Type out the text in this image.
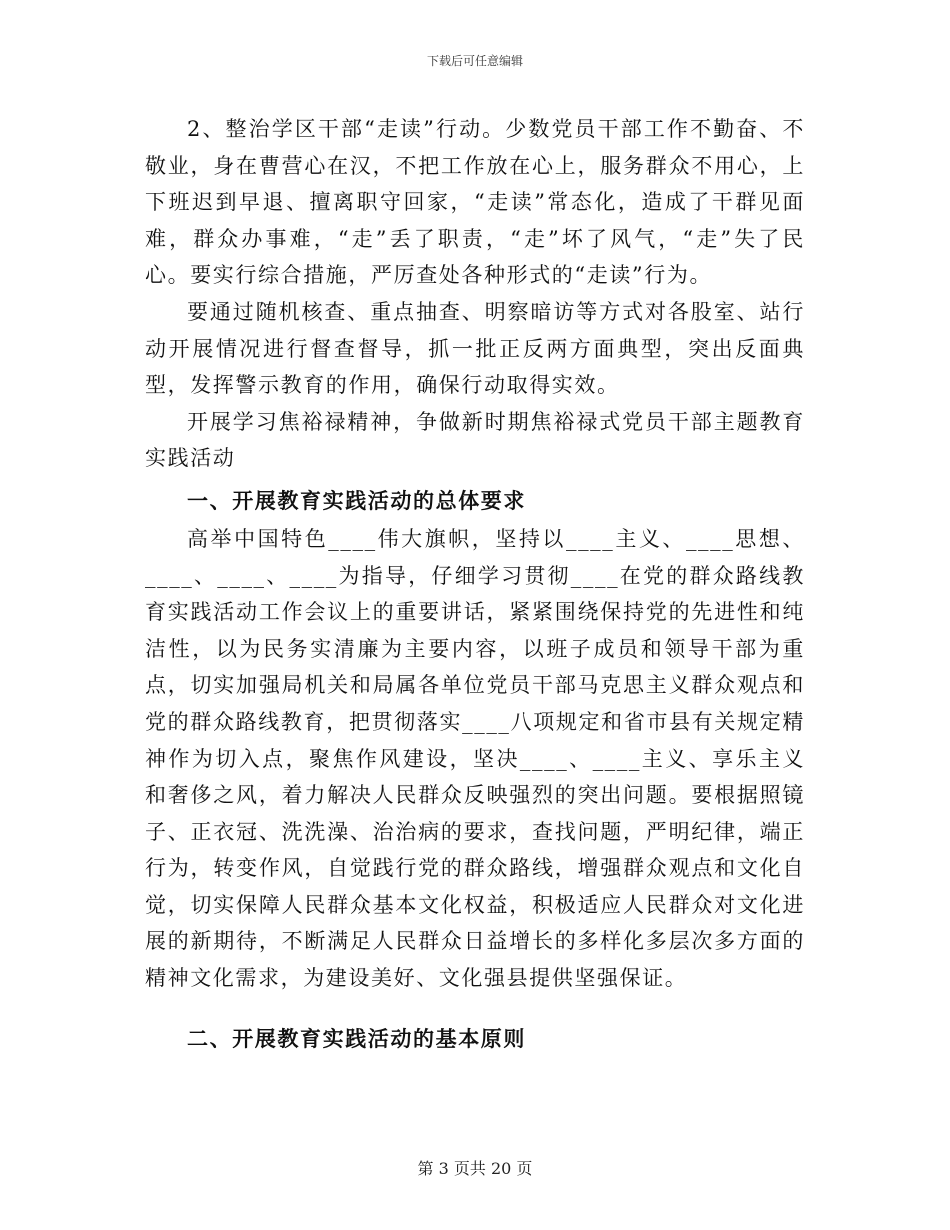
下载后可任意编辑

2、整治学区干部“走读”行动。少数党员干部工作不勤奋、不敬业，身在曹营心在汉，不把工作放在心上，服务群众不用心，上下班迟到早退、擅离职守回家，“走读”常态化，造成了干群见面难，群众办事难，“走”丢了职责，“走”坏了风气，“走”失了民心。要实行综合措施，严厉查处各种形式的“走读”行为。

要通过随机核查、重点抽查、明察暗访等方式对各股室、站行动开展情况进行督查督导，抓一批正反两方面典型，突出反面典型，发挥警示教育的作用，确保行动取得实效。

开展学习焦裕禄精神，争做新时期焦裕禄式党员干部主题教育实践活动

一、开展教育实践活动的总体要求

高举中国特色____伟大旗帜，坚持以____主义、____思想、____、____、____为指导，仔细学习贯彻____在党的群众路线教育实践活动工作会议上的重要讲话，紧紧围绕保持党的先进性和纯洁性，以为民务实清廉为主要内容，以班子成员和领导干部为重点，切实加强局机关和局属各单位党员干部马克思主义群众观点和党的群众路线教育，把贯彻落实____八项规定和省市县有关规定精神作为切入点，聚焦作风建设，坚决____、____主义、享乐主义和奢侈之风，着力解决人民群众反映强烈的突出问题。要根据照镜子、正衣冠、洗洗澡、治治病的要求，查找问题，严明纪律，端正行为，转变作风，自觉践行党的群众路线，增强群众观点和文化自觉，切实保障人民群众基本文化权益，积极适应人民群众对文化进展的新期待，不断满足人民群众日益增长的多样化多层次多方面的精神文化需求，为建设美好、文化强县提供坚强保证。

二、开展教育实践活动的基本原则

第 3 页共 20 页
